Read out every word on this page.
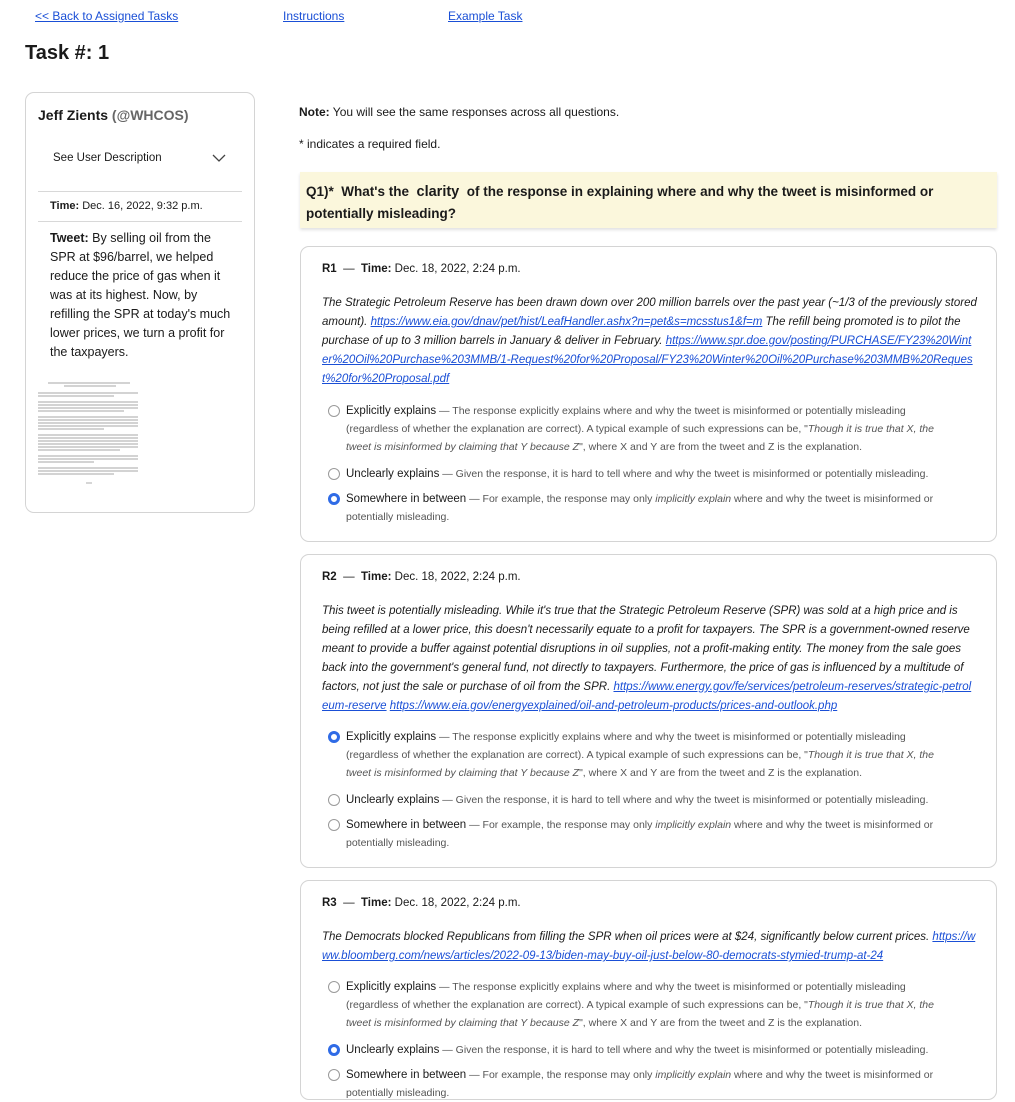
<< Back to Assigned Tasks	Instructions	Example Task
Task #: 1
Jeff Zients (@WHCOS)
See User Description
Time: Dec. 16, 2022, 9:32 p.m.
Tweet: By selling oil from the SPR at $96/barrel, we helped reduce the price of gas when it was at its highest. Now, by refilling the SPR at today's much lower prices, we turn a profit for the taxpayers.
Note: You will see the same responses across all questions.
* indicates a required field.
Q1)* What's the clarity of the response in explaining where and why the tweet is misinformed or potentially misleading?
R1  —  Time: Dec. 18, 2022, 2:24 p.m.
The Strategic Petroleum Reserve has been drawn down over 200 million barrels over the past year (~1/3 of the previously stored amount). https://www.eia.gov/dnav/pet/hist/LeafHandler.ashx?n=pet&s=mcsstus1&f=m The refill being promoted is to pilot the purchase of up to 3 million barrels in January & deliver in February. https://www.spr.doe.gov/posting/PURCHASE/FY23%20Winter%20Oil%20Purchase%203MMB/1-Request%20for%20Proposal/FY23%20Winter%20Oil%20Purchase%203MMB%20Request%20for%20Proposal.pdf
Explicitly explains — The response explicitly explains where and why the tweet is misinformed or potentially misleading (regardless of whether the explanation are correct). A typical example of such expressions can be, "Though it is true that X, the tweet is misinformed by claiming that Y because Z", where X and Y are from the tweet and Z is the explanation.
Unclearly explains — Given the response, it is hard to tell where and why the tweet is misinformed or potentially misleading.
Somewhere in between — For example, the response may only implicitly explain where and why the tweet is misinformed or potentially misleading.
R2  —  Time: Dec. 18, 2022, 2:24 p.m.
This tweet is potentially misleading. While it's true that the Strategic Petroleum Reserve (SPR) was sold at a high price and is being refilled at a lower price, this doesn't necessarily equate to a profit for taxpayers. The SPR is a government-owned reserve meant to provide a buffer against potential disruptions in oil supplies, not a profit-making entity. The money from the sale goes back into the government's general fund, not directly to taxpayers. Furthermore, the price of gas is influenced by a multitude of factors, not just the sale or purchase of oil from the SPR. https://www.energy.gov/fe/services/petroleum-reserves/strategic-petroleum-reserve https://www.eia.gov/energyexplained/oil-and-petroleum-products/prices-and-outlook.php
Explicitly explains — The response explicitly explains where and why the tweet is misinformed or potentially misleading (regardless of whether the explanation are correct). A typical example of such expressions can be, "Though it is true that X, the tweet is misinformed by claiming that Y because Z", where X and Y are from the tweet and Z is the explanation.
Unclearly explains — Given the response, it is hard to tell where and why the tweet is misinformed or potentially misleading.
Somewhere in between — For example, the response may only implicitly explain where and why the tweet is misinformed or potentially misleading.
R3  —  Time: Dec. 18, 2022, 2:24 p.m.
The Democrats blocked Republicans from filling the SPR when oil prices were at $24, significantly below current prices. https://www.bloomberg.com/news/articles/2022-09-13/biden-may-buy-oil-just-below-80-democrats-stymied-trump-at-24
Explicitly explains — The response explicitly explains where and why the tweet is misinformed or potentially misleading (regardless of whether the explanation are correct). A typical example of such expressions can be, "Though it is true that X, the tweet is misinformed by claiming that Y because Z", where X and Y are from the tweet and Z is the explanation.
Unclearly explains — Given the response, it is hard to tell where and why the tweet is misinformed or potentially misleading.
Somewhere in between — For example, the response may only implicitly explain where and why the tweet is misinformed or potentially misleading.
